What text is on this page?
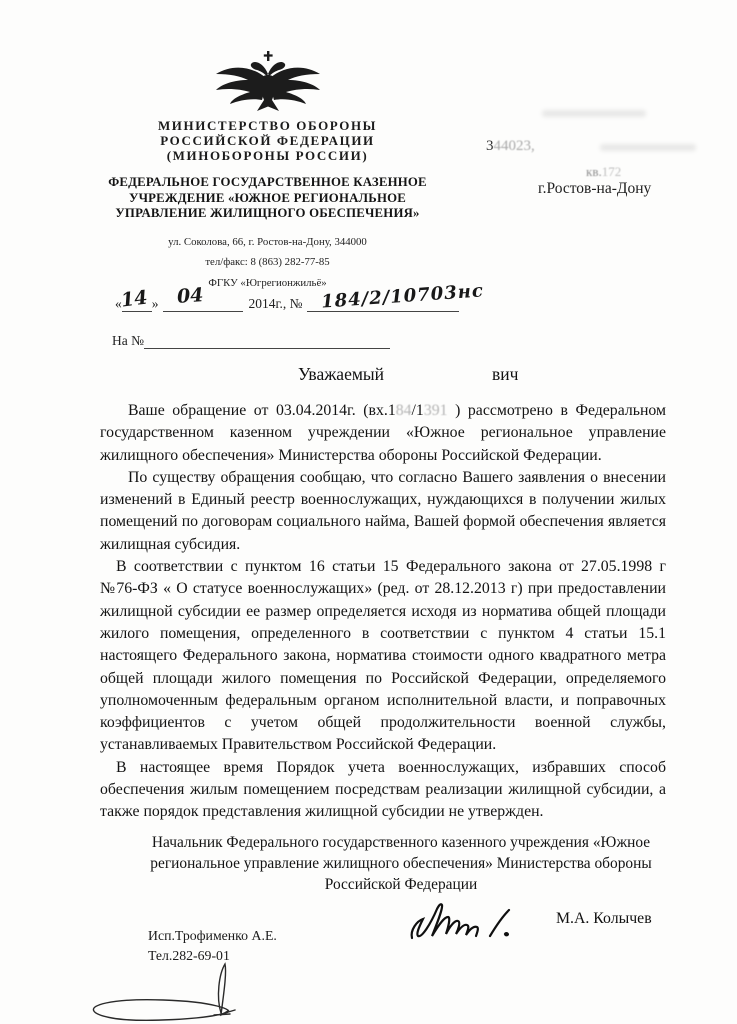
МИНИСТЕРСТВО ОБОРОНЫ
РОССИЙСКОЙ ФЕДЕРАЦИИ
(МИНОБОРОНЫ РОССИИ)
ФЕДЕРАЛЬНОЕ ГОСУДАРСТВЕННОЕ КАЗЕННОЕ
УЧРЕЖДЕНИЕ «ЮЖНОЕ РЕГИОНАЛЬНОЕ
УПРАВЛЕНИЕ ЖИЛИЩНОГО ОБЕСПЕЧЕНИЯ»
ул. Соколова, 66, г. Ростов-на-Дону, 344000
тел/факс: 8 (863) 282-77-85
ФГКУ «Югрегионжильё»
« »	2014г., №
14 04	184/2/10703нс
На №
344023,
кв.172
г.Ростов-на-Дону
Уважаемый	вич

Ваше обращение от 03.04.2014г. (вх.184/1391 ) рассмотрено в Федеральном государственном казенном учреждении «Южное региональное управление жилищного обеспечения» Министерства обороны Российской Федерации.

По существу обращения сообщаю, что согласно Вашего заявления о внесении изменений в Единый реестр военнослужащих, нуждающихся в получении жилых помещений по договорам социального найма, Вашей формой обеспечения является жилищная субсидия.

В соответствии с пунктом 16 статьи 15 Федерального закона от 27.05.1998 г №76-ФЗ « О статусе военнослужащих» (ред. от 28.12.2013 г) при предоставлении жилищной субсидии ее размер определяется исходя из норматива общей площади жилого помещения, определенного в соответствии с пунктом 4 статьи 15.1 настоящего Федерального закона, норматива стоимости одного квадратного метра общей площади жилого помещения по Российской Федерации, определяемого уполномоченным федеральным органом исполнительной власти, и поправочных коэффициентов с учетом общей продолжительности военной службы, устанавливаемых Правительством Российской Федерации.

В настоящее время Порядок учета военнослужащих, избравших способ обеспечения жилым помещением посредствам реализации жилищной субсидии, а также порядок представления жилищной субсидии не утвержден.

Начальник Федерального государственного казенного учреждения «Южное
региональное управление жилищного обеспечения» Министерства обороны
Российской Федерации
М.А. Колычев
Исп.Трофименко А.Е.
Тел.282-69-01
